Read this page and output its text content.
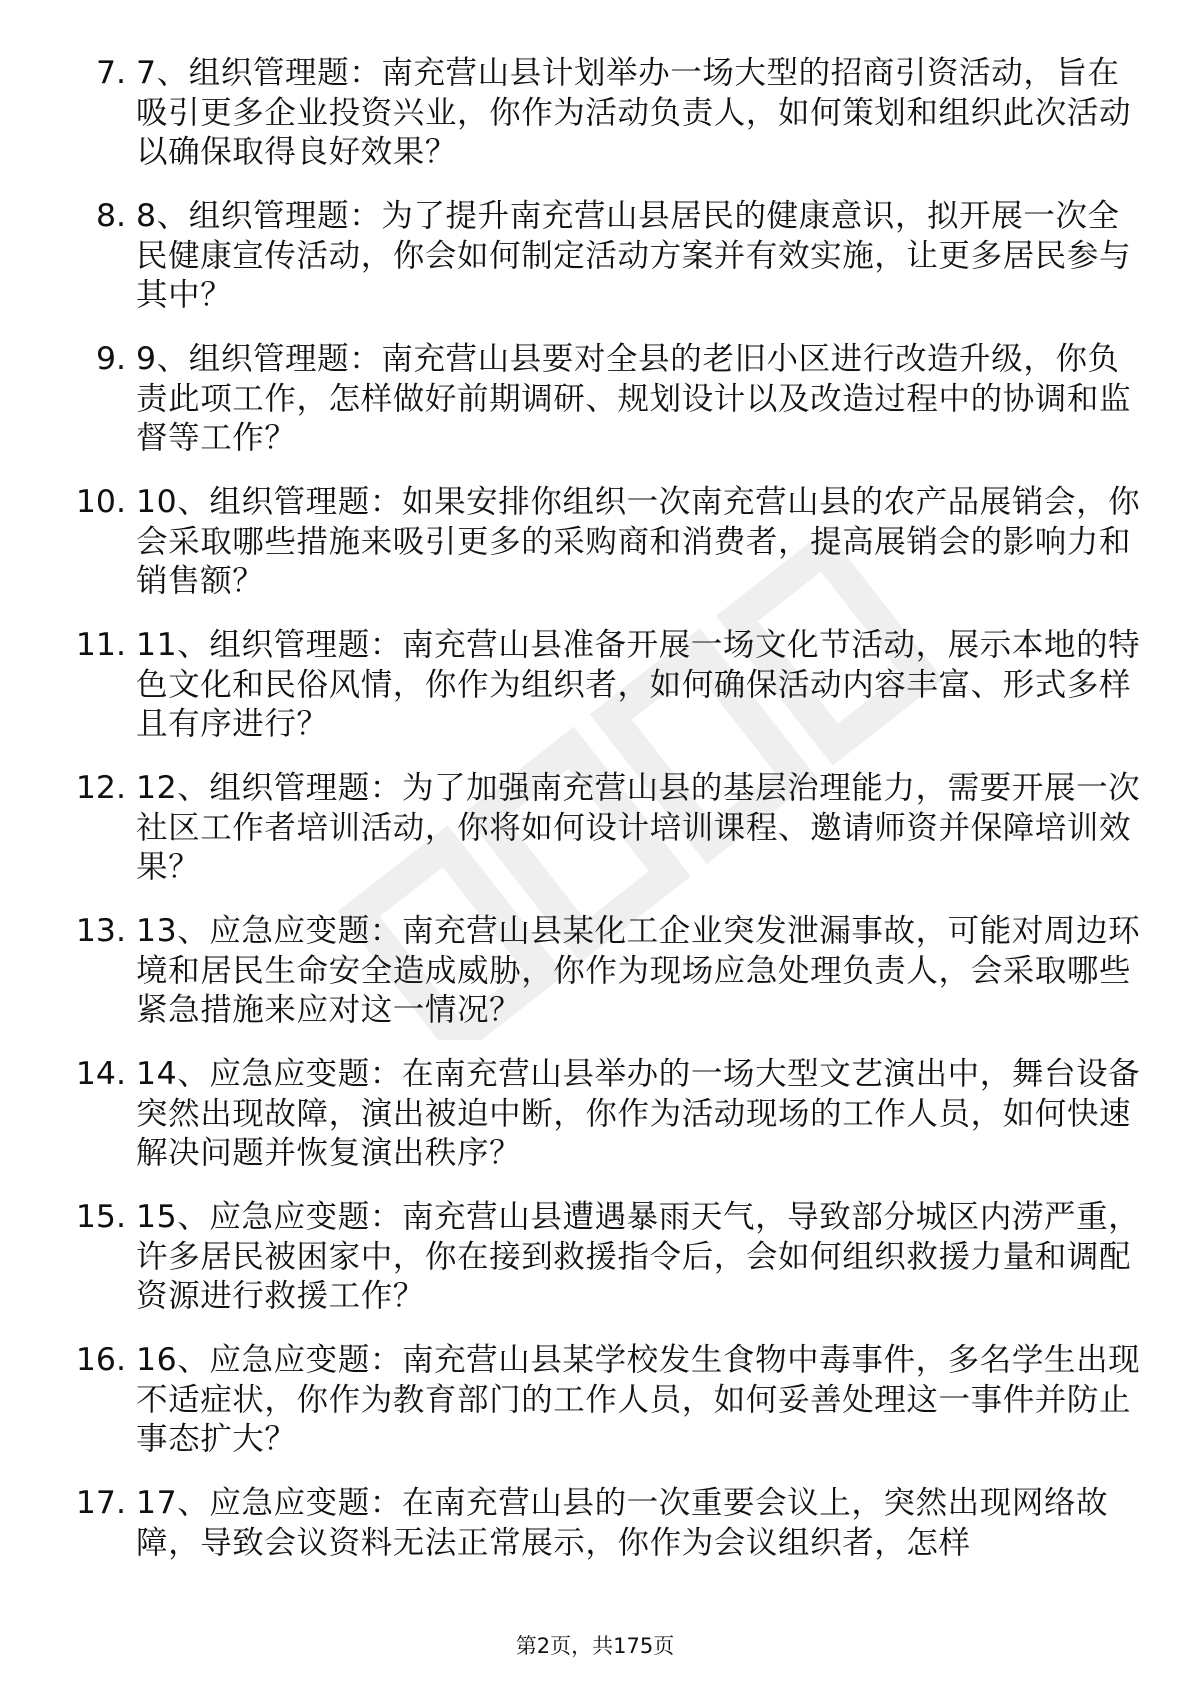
7. 7、组织管理题：南充营山县计划举办一场大型的招商引资活动，旨在吸引更多企业投资兴业，你作为活动负责人，如何策划和组织此次活动以确保取得良好效果？
8. 8、组织管理题：为了提升南充营山县居民的健康意识，拟开展一次全民健康宣传活动，你会如何制定活动方案并有效实施，让更多居民参与其中？
9. 9、组织管理题：南充营山县要对全县的老旧小区进行改造升级，你负责此项工作，怎样做好前期调研、规划设计以及改造过程中的协调和监督等工作？
10. 10、组织管理题：如果安排你组织一次南充营山县的农产品展销会，你会采取哪些措施来吸引更多的采购商和消费者，提高展销会的影响力和销售额？
11. 11、组织管理题：南充营山县准备开展一场文化节活动，展示本地的特色文化和民俗风情，你作为组织者，如何确保活动内容丰富、形式多样且有序进行？
12. 12、组织管理题：为了加强南充营山县的基层治理能力，需要开展一次社区工作者培训活动，你将如何设计培训课程、邀请师资并保障培训效果？
13. 13、应急应变题：南充营山县某化工企业突发泄漏事故，可能对周边环境和居民生命安全造成威胁，你作为现场应急处理负责人，会采取哪些紧急措施来应对这一情况？
14. 14、应急应变题：在南充营山县举办的一场大型文艺演出中，舞台设备突然出现故障，演出被迫中断，你作为活动现场的工作人员，如何快速解决问题并恢复演出秩序？
15. 15、应急应变题：南充营山县遭遇暴雨天气，导致部分城区内涝严重，许多居民被困家中，你在接到救援指令后，会如何组织救援力量和调配资源进行救援工作？
16. 16、应急应变题：南充营山县某学校发生食物中毒事件，多名学生出现不适症状，你作为教育部门的工作人员，如何妥善处理这一事件并防止事态扩大？
17. 17、应急应变题：在南充营山县的一次重要会议上，突然出现网络故障，导致会议资料无法正常展示，你作为会议组织者，怎样
第2页，共175页
